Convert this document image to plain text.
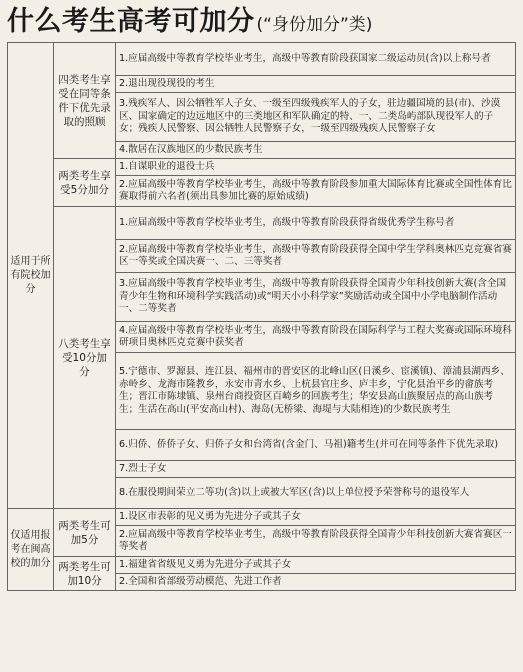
什么考生高考可加分 (“身份加分”类)
适用于所有院校加分	四类考生享受在同等条件下优先录取的照顾	1.应届高级中等教育学校毕业考生，高级中等教育阶段获国家二级运动员(含)以上称号者

		2.退出现役现役的考生

		3.残疾军人、因公牺牲军人子女、一级至四级残疾军人的子女，驻边疆国境的县(市)、沙漠区、国家确定的边远地区中的三类地区和军队确定的特、一、二类岛屿部队现役军人的子女；残疾人民警察、因公牺牲人民警察子女，一级至四级残疾人民警察子女

		4.散居在汉族地区的少数民族考生

	两类考生享受5分加分	1.自谋职业的退役士兵

		2.应届高级中等教育学校毕业考生，高级中等教育阶段参加重大国际体育比赛或全国性体育比赛取得前六名者(须出具参加比赛的原始成绩)

	八类考生享受10分加分	1.应届高级中等教育学校毕业考生，高级中等教育阶段获得省级优秀学生称号者

		2.应届高级中等教育学校毕业考生，高级中等教育阶段获得全国中学生学科奥林匹克竞赛省赛区一等奖或全国决赛一、二、三等奖者

		3.应届高级中等教育学校毕业考生，高级中等教育阶段获得全国青少年科技创新大赛(含全国青少年生物和环境科学实践活动)或“明天小小科学家”奖励活动或全国中小学电脑制作活动一、二等奖者

		4.应届高级中等教育学校毕业考生，高级中等教育阶段在国际科学与工程大奖赛或国际环境科研项目奥林匹克竞赛中获奖者

		5.宁德市、罗源县、连江县、福州市的晋安区的北峰山区(日溪乡、宦溪镇)、漳浦县湖西乡、赤岭乡、龙海市隆教乡，永安市青水乡、上杭县官庄乡、庐丰乡，宁化县治平乡的畲族考生；晋江市陈埭镇、泉州台商投资区百崎乡的回族考生；华安县高山族聚居点的高山族考生；生活在高山(平安高山村)、海岛(无桥梁、海堤与大陆相连)的少数民族考生

		6.归侨、侨侨子女、归侨子女和台湾省(含金门、马祖)籍考生(并可在同等条件下优先录取)

		7.烈士子女

		8.在服役期间荣立二等功(含)以上或被大军区(含)以上单位授予荣誉称号的退役军人

仅适用报考在闽高校的加分	两类考生可加5分	1.设区市表彰的见义勇为先进分子或其子女

		2.应届高级中等教育学校毕业考生，高级中等教育阶段获得全国青少年科技创新大赛省赛区一等奖者

	两类考生可加10分	1.福建省省级见义勇为先进分子或其子女

		2.全国和省部级劳动模范、先进工作者
